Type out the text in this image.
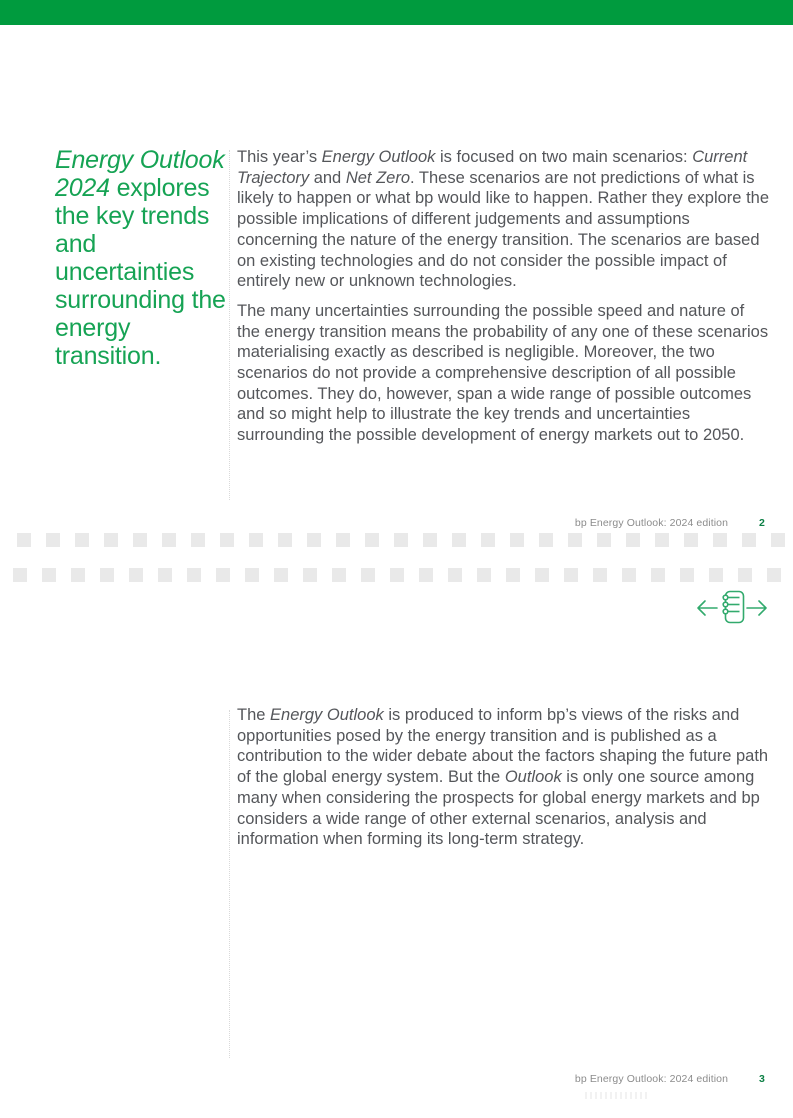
Energy Outlook 2024 explores the key trends and uncertainties surrounding the energy transition.

This year’s Energy Outlook is focused on two main scenarios: Current Trajectory and Net Zero. These scenarios are not predictions of what is likely to happen or what bp would like to happen. Rather they explore the possible implications of different judgements and assumptions concerning the nature of the energy transition. The scenarios are based on existing technologies and do not consider the possible impact of entirely new or unknown technologies.

The many uncertainties surrounding the possible speed and nature of the energy transition means the probability of any one of these scenarios materialising exactly as described is negligible. Moreover, the two scenarios do not provide a comprehensive description of all possible outcomes. They do, however, span a wide range of possible outcomes and so might help to illustrate the key trends and uncertainties surrounding the possible development of energy markets out to 2050.

bp Energy Outlook: 2024 edition	2

The Energy Outlook is produced to inform bp’s views of the risks and opportunities posed by the energy transition and is published as a contribution to the wider debate about the factors shaping the future path of the global energy system. But the Outlook is only one source among many when considering the prospects for global energy markets and bp considers a wide range of other external scenarios, analysis and information when forming its long-term strategy.

bp Energy Outlook: 2024 edition	3
